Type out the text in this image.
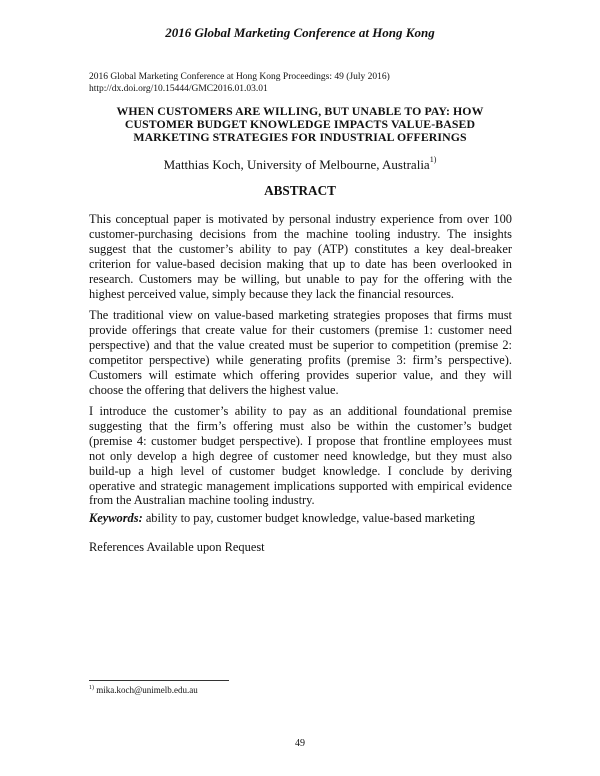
2016 Global Marketing Conference at Hong Kong
2016 Global Marketing Conference at Hong Kong Proceedings: 49 (July 2016)
http://dx.doi.org/10.15444/GMC2016.01.03.01
WHEN CUSTOMERS ARE WILLING, BUT UNABLE TO PAY: HOW
CUSTOMER BUDGET KNOWLEDGE IMPACTS VALUE-BASED
MARKETING STRATEGIES FOR INDUSTRIAL OFFERINGS
Matthias Koch, University of Melbourne, Australia$^{1)}$
ABSTRACT

This conceptual paper is motivated by personal industry experience from over 100 customer-purchasing decisions from the machine tooling industry. The insights suggest that the customer’s ability to pay (ATP) constitutes a key deal-breaker criterion for value-based decision making that up to date has been overlooked in research. Customers may be willing, but unable to pay for the offering with the highest perceived value, simply because they lack the financial resources.

The traditional view on value-based marketing strategies proposes that firms must provide offerings that create value for their customers (premise 1: customer need perspective) and that the value created must be superior to competition (premise 2: competitor perspective) while generating profits (premise 3: firm’s perspective). Customers will estimate which offering provides superior value, and they will choose the offering that delivers the highest value.

I introduce the customer’s ability to pay as an additional foundational premise suggesting that the firm’s offering must also be within the customer’s budget (premise 4: customer budget perspective). I propose that frontline employees must not only develop a high degree of customer need knowledge, but they must also build-up a high level of customer budget knowledge. I conclude by deriving operative and strategic management implications supported with empirical evidence from the Australian machine tooling industry.

Keywords: ability to pay, customer budget knowledge, value-based marketing

References Available upon Request

$^{1)}$ mika.koch@unimelb.edu.au
49
